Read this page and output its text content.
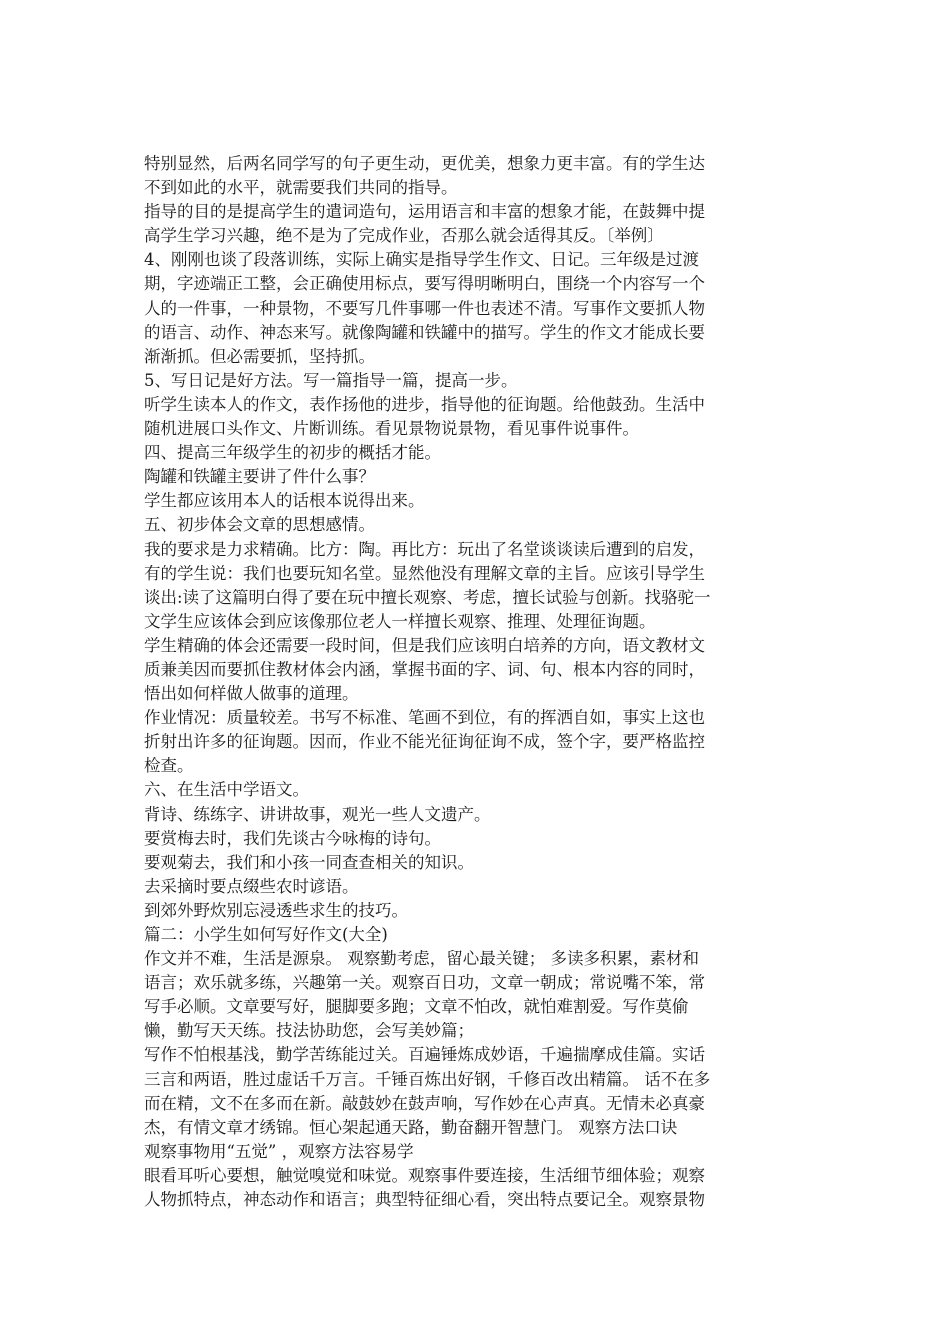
特别显然，后两名同学写的句子更生动，更优美，想象力更丰富。有的学生达
不到如此的水平，就需要我们共同的指导。
指导的目的是提高学生的遣词造句，运用语言和丰富的想象才能，在鼓舞中提
高学生学习兴趣，绝不是为了完成作业，否那么就会适得其反。〔举例〕
4、刚刚也谈了段落训练，实际上确实是指导学生作文、日记。三年级是过渡
期，字迹端正工整，会正确使用标点，要写得明晰明白，围绕一个内容写一个
人的一件事，一种景物，不要写几件事哪一件也表述不清。写事作文要抓人物
的语言、动作、神态来写。就像陶罐和铁罐中的描写。学生的作文才能成长要
渐渐抓。但必需要抓，坚持抓。
5、写日记是好方法。写一篇指导一篇，提高一步。
听学生读本人的作文，表作扬他的进步，指导他的征询题。给他鼓劲。生活中
随机进展口头作文、片断训练。看见景物说景物，看见事件说事件。
四、提高三年级学生的初步的概括才能。
陶罐和铁罐主要讲了件什么事？
学生都应该用本人的话根本说得出来。
五、初步体会文章的思想感情。
我的要求是力求精确。比方：陶。再比方：玩出了名堂谈谈读后遭到的启发，
有的学生说：我们也要玩知名堂。显然他没有理解文章的主旨。应该引导学生
谈出:读了这篇明白得了要在玩中擅长观察、考虑，擅长试验与创新。找骆驼一
文学生应该体会到应该像那位老人一样擅长观察、推理、处理征询题。
学生精确的体会还需要一段时间，但是我们应该明白培养的方向，语文教材文
质兼美因而要抓住教材体会内涵，掌握书面的字、词、句、根本内容的同时，
悟出如何样做人做事的道理。
作业情况：质量较差。书写不标准、笔画不到位，有的挥洒自如，事实上这也
折射出许多的征询题。因而，作业不能光征询征询不成，签个字，要严格监控
检查。
六、在生活中学语文。
背诗、练练字、讲讲故事，观光一些人文遗产。
要赏梅去时，我们先谈古今咏梅的诗句。
要观菊去，我们和小孩一同查查相关的知识。
去采摘时要点缀些农时谚语。
到郊外野炊别忘浸透些求生的技巧。
篇二：小学生如何写好作文(大全)
作文并不难，生活是源泉。 观察勤考虑，留心最关键； 多读多积累，素材和
语言；欢乐就多练，兴趣第一关。观察百日功，文章一朝成；常说嘴不笨，常
写手必顺。文章要写好，腿脚要多跑；文章不怕改，就怕难割爱。写作莫偷
懒，勤写天天练。技法协助您，会写美妙篇；
写作不怕根基浅，勤学苦练能过关。百遍锤炼成妙语，千遍揣摩成佳篇。实话
三言和两语，胜过虚话千万言。千锤百炼出好钢，千修百改出精篇。 话不在多
而在精，文不在多而在新。敲鼓妙在鼓声响，写作妙在心声真。无情未必真豪
杰，有情文章才绣锦。恒心架起通天路，勤奋翻开智慧门。 观察方法口诀
观察事物用“五觉” ，观察方法容易学
眼看耳听心要想，触觉嗅觉和味觉。观察事件要连接，生活细节细体验；观察
人物抓特点，神态动作和语言；典型特征细心看，突出特点要记全。观察景物
